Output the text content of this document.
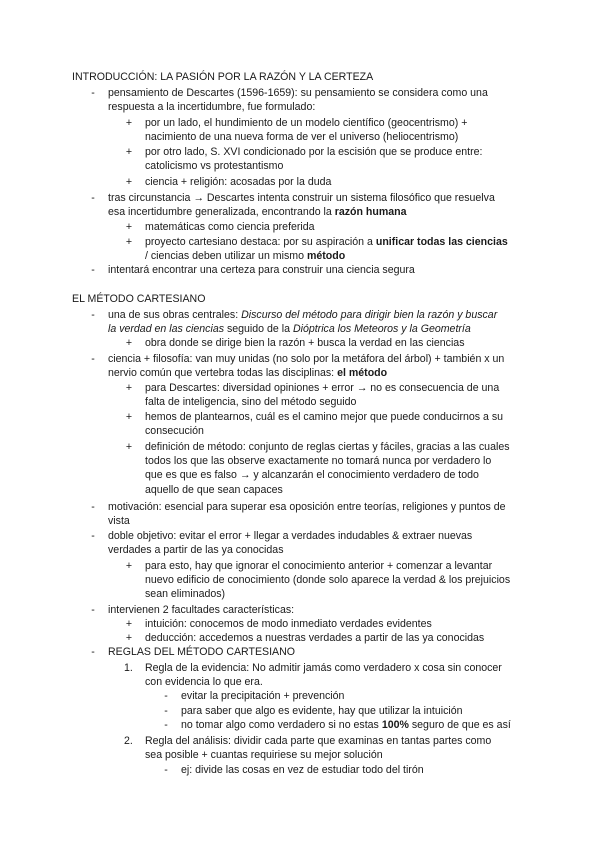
INTRODUCCIÓN: LA PASIÓN POR LA RAZÓN Y LA CERTEZA
-	pensamiento de Descartes (1596-1659): su pensamiento se considera como una
respuesta a la incertidumbre, fue formulado:
+	por un lado, el hundimiento de un modelo científico (geocentrismo) +
nacimiento de una nueva forma de ver el universo (heliocentrismo)
+	por otro lado, S. XVI condicionado por la escisión que se produce entre:
catolicismo vs protestantismo
+	ciencia + religión: acosadas por la duda
-	tras circunstancia → Descartes intenta construir un sistema filosófico que resuelva
esa incertidumbre generalizada, encontrando la razón humana
+	matemáticas como ciencia preferida
+	proyecto cartesiano destaca: por su aspiración a unificar todas las ciencias
/ ciencias deben utilizar un mismo método
-	intentará encontrar una certeza para construir una ciencia segura
EL MÉTODO CARTESIANO
-	una de sus obras centrales: Discurso del método para dirigir bien la razón y buscar
la verdad en las ciencias seguido de la Dióptrica los Meteoros y la Geometría
+	obra donde se dirige bien la razón + busca la verdad en las ciencias
-	ciencia + filosofía: van muy unidas (no solo por la metáfora del árbol) + también x un
nervio común que vertebra todas las disciplinas: el método
+	para Descartes: diversidad opiniones + error → no es consecuencia de una
falta de inteligencia, sino del método seguido
+	hemos de plantearnos, cuál es el camino mejor que puede conducirnos a su
consecución
+	definición de método: conjunto de reglas ciertas y fáciles, gracias a las cuales
todos los que las observe exactamente no tomará nunca por verdadero lo
que es que es falso → y alcanzarán el conocimiento verdadero de todo
aquello de que sean capaces
-	motivación: esencial para superar esa oposición entre teorías, religiones y puntos de
vista
-	doble objetivo: evitar el error + llegar a verdades indudables & extraer nuevas
verdades a partir de las ya conocidas
+	para esto, hay que ignorar el conocimiento anterior + comenzar a levantar
nuevo edificio de conocimiento (donde solo aparece la verdad & los prejuicios
sean eliminados)
-	intervienen 2 facultades características:
+	intuición: conocemos de modo inmediato verdades evidentes
+	deducción: accedemos a nuestras verdades a partir de las ya conocidas
-	REGLAS DEL MÉTODO CARTESIANO
1. Regla de la evidencia: No admitir jamás como verdadero x cosa sin conocer
con evidencia lo que era.
-	evitar la precipitación + prevención
-	para saber que algo es evidente, hay que utilizar la intuición
-	no tomar algo como verdadero si no estas 100% seguro de que es así
2. Regla del análisis: dividir cada parte que examinas en tantas partes como
sea posible + cuantas requiriese su mejor solución
-	ej: divide las cosas en vez de estudiar todo del tirón
